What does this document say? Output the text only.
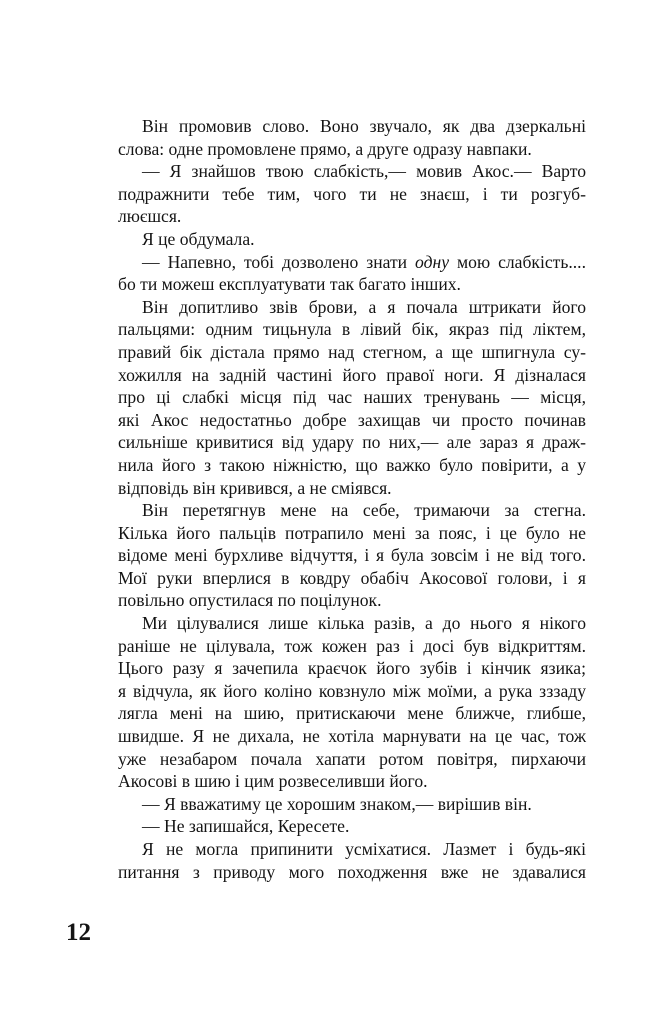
Він промовив слово. Воно звучало, як два дзеркальні
слова: одне промовлене прямо, а друге одразу навпаки.
— Я знайшов твою слабкість,— мовив Акос.— Варто
подражнити тебе тим, чого ти не знаєш, і ти розгуб-
люєшся.
Я це обдумала.
— Напевно, тобі дозволено знати одну мою слабкість....
бо ти можеш експлуатувати так багато інших.
Він допитливо звів брови, а я почала штрикати його
пальцями: одним тицьнула в лівий бік, якраз під ліктем,
правий бік дістала прямо над стегном, а ще шпигнула су-
хожилля на задній частині його правої ноги. Я дізналася
про ці слабкі місця під час наших тренувань — місця,
які Акос недостатньо добре захищав чи просто починав
сильніше кривитися від удару по них,— але зараз я драж-
нила його з такою ніжністю, що важко було повірити, а у
відповідь він кривився, а не сміявся.
Він перетягнув мене на себе, тримаючи за стегна.
Кілька його пальців потрапило мені за пояс, і це було не
відоме мені бурхливе відчуття, і я була зовсім і не від того.
Мої руки вперлися в ковдру обабіч Акосової голови, і я
повільно опустилася по поцілунок.
Ми цілувалися лише кілька разів, а до нього я нікого
раніше не цілувала, тож кожен раз і досі був відкриттям.
Цього разу я зачепила краєчок його зубів і кінчик язика;
я відчула, як його коліно ковзнуло між моїми, а рука зззаду
лягла мені на шию, притискаючи мене ближче, глибше,
швидше. Я не дихала, не хотіла марнувати на це час, тож
уже незабаром почала хапати ротом повітря, пирхаючи
Акосові в шию і цим розвеселивши його.
— Я вважатиму це хорошим знаком,— вирішив він.
— Не запишайся, Кересете.
Я не могла припинити усміхатися. Лазмет і будь-які
питання з приводу мого походження вже не здавалися
12
